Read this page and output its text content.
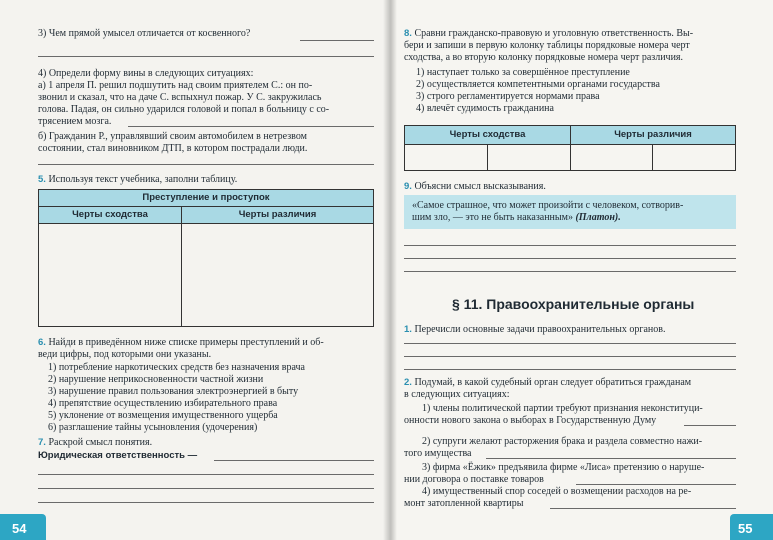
3) Чем прямой умысел отличается от косвенного?
4) Определи форму вины в следующих ситуациях:
а) 1 апреля П. решил подшутить над своим приятелем С.: он по-
звонил и сказал, что на даче С. вспыхнул пожар. У С. закружилась
голова. Падая, он сильно ударился головой и попал в больницу с со-
трясением мозга.
б) Гражданин Р., управлявший своим автомобилем в нетрезвом
состоянии, стал виновником ДТП, в котором пострадали люди.
5. Используя текст учебника, заполни таблицу.
Преступление и проступок
Черты сходства	Черты различия
6. Найди в приведённом ниже списке примеры преступлений и об-
веди цифры, под которыми они указаны.
1) потребление наркотических средств без назначения врача
2) нарушение неприкосновенности частной жизни
3) нарушение правил пользования электроэнергией в быту
4) препятствие осуществлению избирательного права
5) уклонение от возмещения имущественного ущерба
6) разглашение тайны усыновления (удочерения)
7. Раскрой смысл понятия.
Юридическая ответственность —
54
8. Сравни гражданско-правовую и уголовную ответственность. Вы-
бери и запиши в первую колонку таблицы порядковые номера черт
сходства, а во вторую колонку порядковые номера черт различия.
1) наступает только за совершённое преступление
2) осуществляется компетентными органами государства
3) строго регламентируется нормами права
4) влечёт судимость гражданина
Черты сходства	Черты различия
9. Объясни смысл высказывания.
«Самое страшное, что может произойти с человеком, сотворив-
шим зло, — это не быть наказанным» (Платон).
§ 11. Правоохранительные органы
1. Перечисли основные задачи правоохранительных органов.
2. Подумай, в какой судебный орган следует обратиться гражданам
в следующих ситуациях:
1) члены политической партии требуют признания неконституци-
онности нового закона о выборах в Государственную Думу
2) супруги желают расторжения брака и раздела совместно нажи-
того имущества
3) фирма «Ёжик» предъявила фирме «Лиса» претензию о наруше-
нии договора о поставке товаров
4) имущественный спор соседей о возмещении расходов на ре-
монт затопленной квартиры
55
